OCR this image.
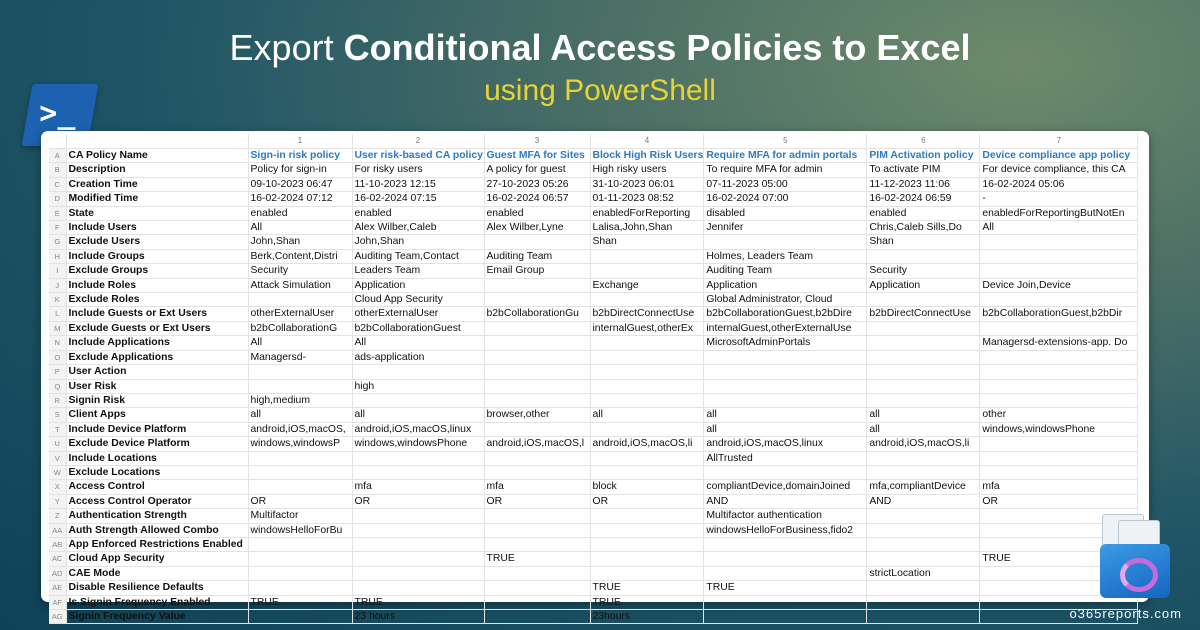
Export Conditional Access Policies to Excel
using PowerShell
>_
		1	2	3	4	5	6	7
A	CA Policy Name	Sign-in risk policy	User risk-based CA policy	Guest MFA for Sites	Block High Risk Users	Require MFA for admin portals	PIM Activation policy	Device compliance app policy
B	Description	Policy for sign-in	For risky users	A policy for guest	High risky users	To require MFA for admin	To activate PIM	For device compliance, this CA
C	Creation Time	09-10-2023 06:47	11-10-2023 12:15	27-10-2023 05:26	31-10-2023 06:01	07-11-2023 05:00	11-12-2023 11:06	16-02-2024 05:06
D	Modified Time	16-02-2024 07:12	16-02-2024 07:15	16-02-2024 06:57	01-11-2023 08:52	16-02-2024 07:00	16-02-2024 06:59	-
E	State	enabled	enabled	enabled	enabledForReporting	disabled	enabled	enabledForReportingButNotEn
F	Include Users	All	Alex Wilber,Caleb	Alex Wilber,Lyne	Lalisa,John,Shan	Jennifer	Chris,Caleb Sills,Do	All
G	Exclude Users	John,Shan	John,Shan		Shan		Shan	
H	Include Groups	Berk,Content,Distri	Auditing Team,Contact	Auditing Team		Holmes, Leaders Team		
I	Exclude Groups	Security	Leaders Team	Email Group		Auditing Team	Security	
J	Include Roles	Attack Simulation	Application		Exchange	Application	Application	Device Join,Device
K	Exclude Roles		Cloud App Security			Global Administrator, Cloud		
L	Include Guests or Ext Users	otherExternalUser	otherExternalUser	b2bCollaborationGu	b2bDirectConnectUse	b2bCollaborationGuest,b2bDire	b2bDirectConnectUse	b2bCollaborationGuest,b2bDir
M	Exclude Guests or Ext Users	b2bCollaborationG	b2bCollaborationGuest		internalGuest,otherEx	internalGuest,otherExternalUse		
N	Include Applications	All	All			MicrosoftAdminPortals		Managersd-extensions-app. Do
O	Exclude Applications	Managersd-	ads-application					
P	User Action							
Q	User Risk		high					
R	Signin Risk	high,medium						
S	Client Apps	all	all	browser,other	all	all	all	other
T	Include Device Platform	android,iOS,macOS,	android,iOS,macOS,linux			all	all	windows,windowsPhone
U	Exclude Device Platform	windows,windowsP	windows,windowsPhone	android,iOS,macOS,l	android,iOS,macOS,li	android,iOS,macOS,linux	android,iOS,macOS,li	
V	Include Locations					AllTrusted		
W	Exclude Locations							
X	Access Control		mfa	mfa	block	compliantDevice,domainJoined	mfa,compliantDevice	mfa
Y	Access Control Operator	OR	OR	OR	OR	AND	AND	OR
Z	Authentication Strength	Multifactor				Multifactor authentication		
AA	Auth Strength Allowed Combo	windowsHelloForBu				windowsHelloForBusiness,fido2		
AB	App Enforced Restrictions Enabled							
AC	Cloud App Security			TRUE				TRUE
AD	CAE Mode						strictLocation	
AE	Disable Resilience Defaults				TRUE	TRUE		
AF	Is Signin Frequency Enabled	TRUE	TRUE		TRUE			
AG	Signin Frequency Value		23 hours		23hours				o365reports.com
